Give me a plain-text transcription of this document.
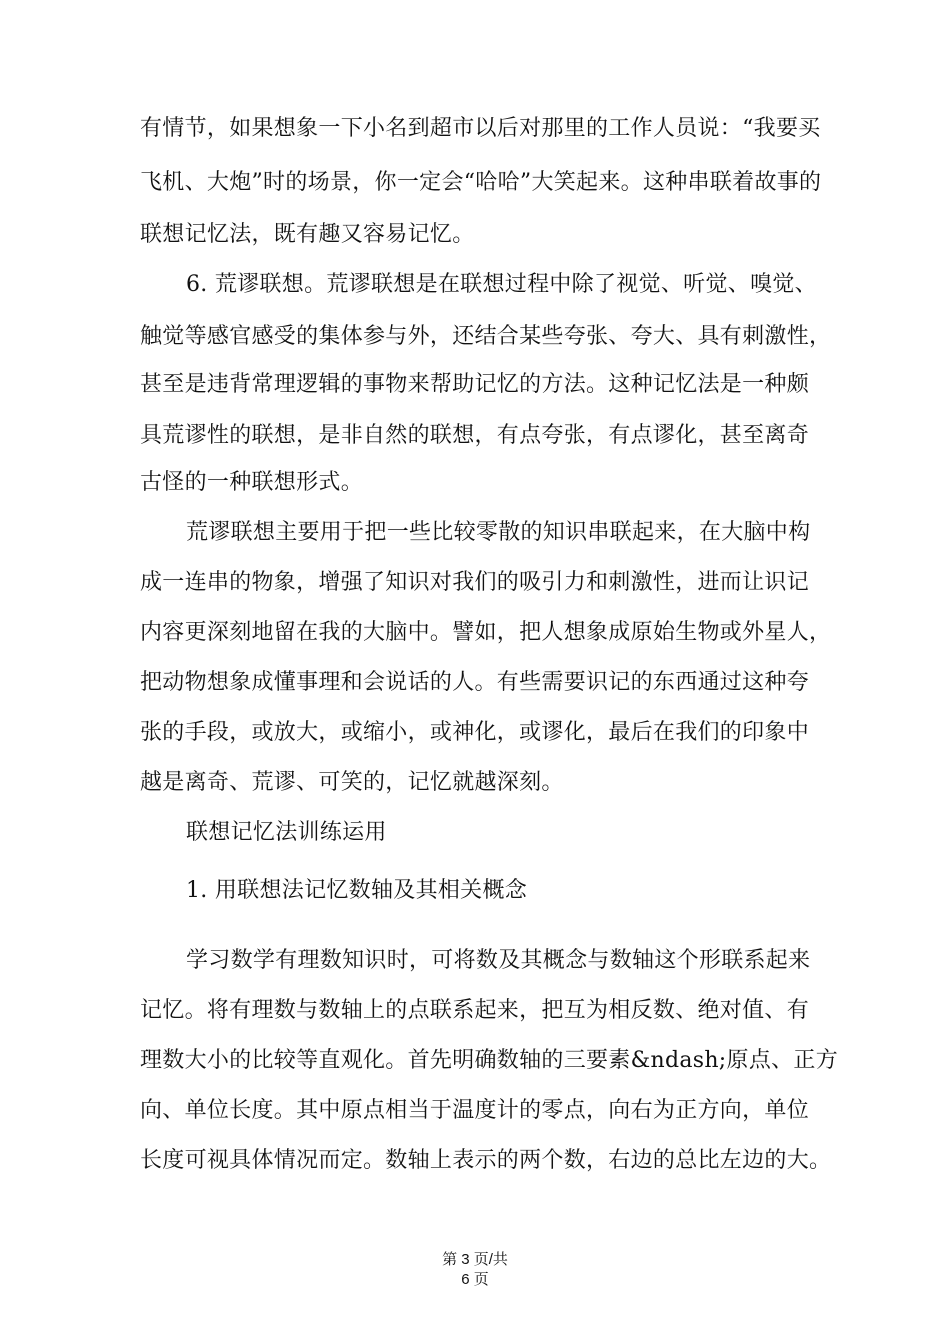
有情节，如果想象一下小名到超市以后对那里的工作人员说：“我要买
飞机、大炮”时的场景，你一定会“哈哈”大笑起来。这种串联着故事的
联想记忆法，既有趣又容易记忆。
6. 荒谬联想。荒谬联想是在联想过程中除了视觉、听觉、嗅觉、
触觉等感官感受的集体参与外，还结合某些夸张、夸大、具有刺激性，
甚至是违背常理逻辑的事物来帮助记忆的方法。这种记忆法是一种颇
具荒谬性的联想，是非自然的联想，有点夸张，有点谬化，甚至离奇
古怪的一种联想形式。
荒谬联想主要用于把一些比较零散的知识串联起来，在大脑中构
成一连串的物象，增强了知识对我们的吸引力和刺激性，进而让识记
内容更深刻地留在我的大脑中。譬如，把人想象成原始生物或外星人，
把动物想象成懂事理和会说话的人。有些需要识记的东西通过这种夸
张的手段，或放大，或缩小，或神化，或谬化，最后在我们的印象中
越是离奇、荒谬、可笑的，记忆就越深刻。
联想记忆法训练运用
1. 用联想法记忆数轴及其相关概念
学习数学有理数知识时，可将数及其概念与数轴这个形联系起来
记忆。将有理数与数轴上的点联系起来，把互为相反数、绝对值、有
理数大小的比较等直观化。首先明确数轴的三要素&ndash;原点、正方
向、单位长度。其中原点相当于温度计的零点，向右为正方向，单位
长度可视具体情况而定。数轴上表示的两个数，右边的总比左边的大。
第 3 页/共
6 页
